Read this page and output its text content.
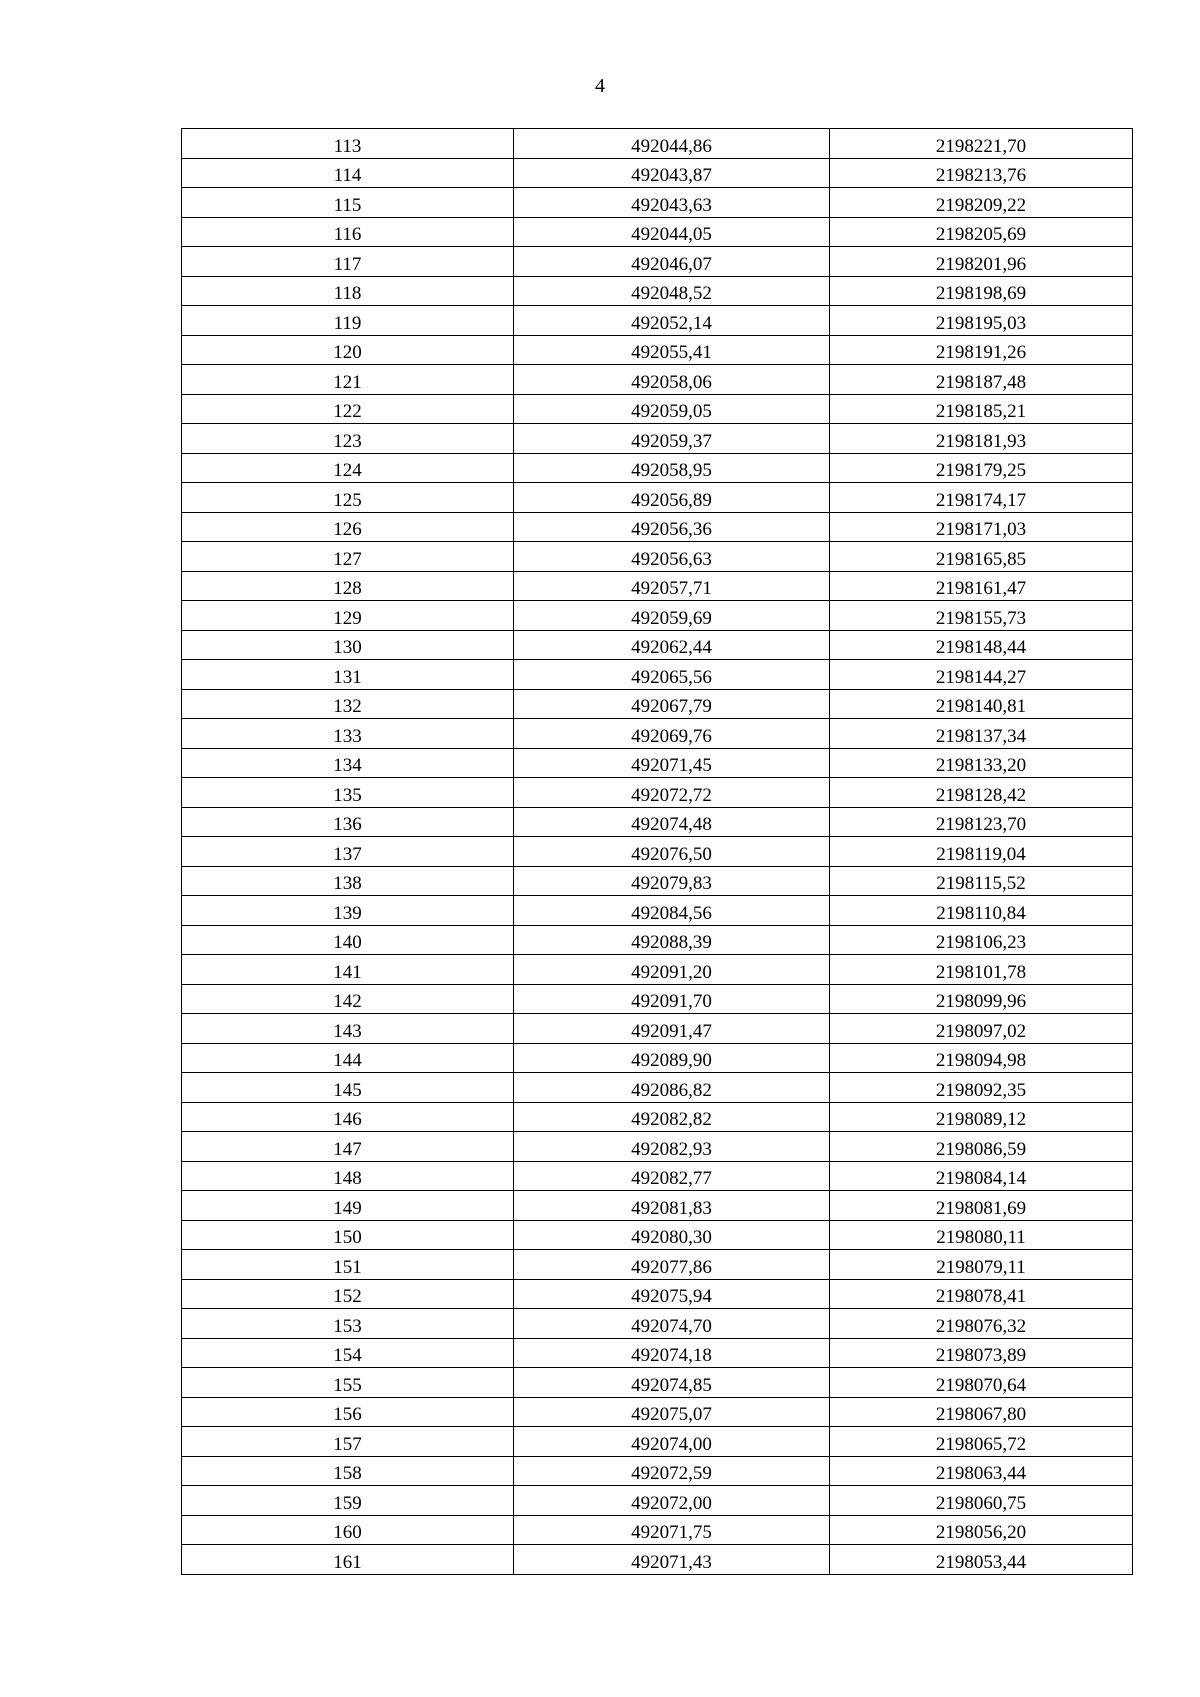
4
113	492044,86	2198221,70
114	492043,87	2198213,76
115	492043,63	2198209,22
116	492044,05	2198205,69
117	492046,07	2198201,96
118	492048,52	2198198,69
119	492052,14	2198195,03
120	492055,41	2198191,26
121	492058,06	2198187,48
122	492059,05	2198185,21
123	492059,37	2198181,93
124	492058,95	2198179,25
125	492056,89	2198174,17
126	492056,36	2198171,03
127	492056,63	2198165,85
128	492057,71	2198161,47
129	492059,69	2198155,73
130	492062,44	2198148,44
131	492065,56	2198144,27
132	492067,79	2198140,81
133	492069,76	2198137,34
134	492071,45	2198133,20
135	492072,72	2198128,42
136	492074,48	2198123,70
137	492076,50	2198119,04
138	492079,83	2198115,52
139	492084,56	2198110,84
140	492088,39	2198106,23
141	492091,20	2198101,78
142	492091,70	2198099,96
143	492091,47	2198097,02
144	492089,90	2198094,98
145	492086,82	2198092,35
146	492082,82	2198089,12
147	492082,93	2198086,59
148	492082,77	2198084,14
149	492081,83	2198081,69
150	492080,30	2198080,11
151	492077,86	2198079,11
152	492075,94	2198078,41
153	492074,70	2198076,32
154	492074,18	2198073,89
155	492074,85	2198070,64
156	492075,07	2198067,80
157	492074,00	2198065,72
158	492072,59	2198063,44
159	492072,00	2198060,75
160	492071,75	2198056,20
161	492071,43	2198053,44
